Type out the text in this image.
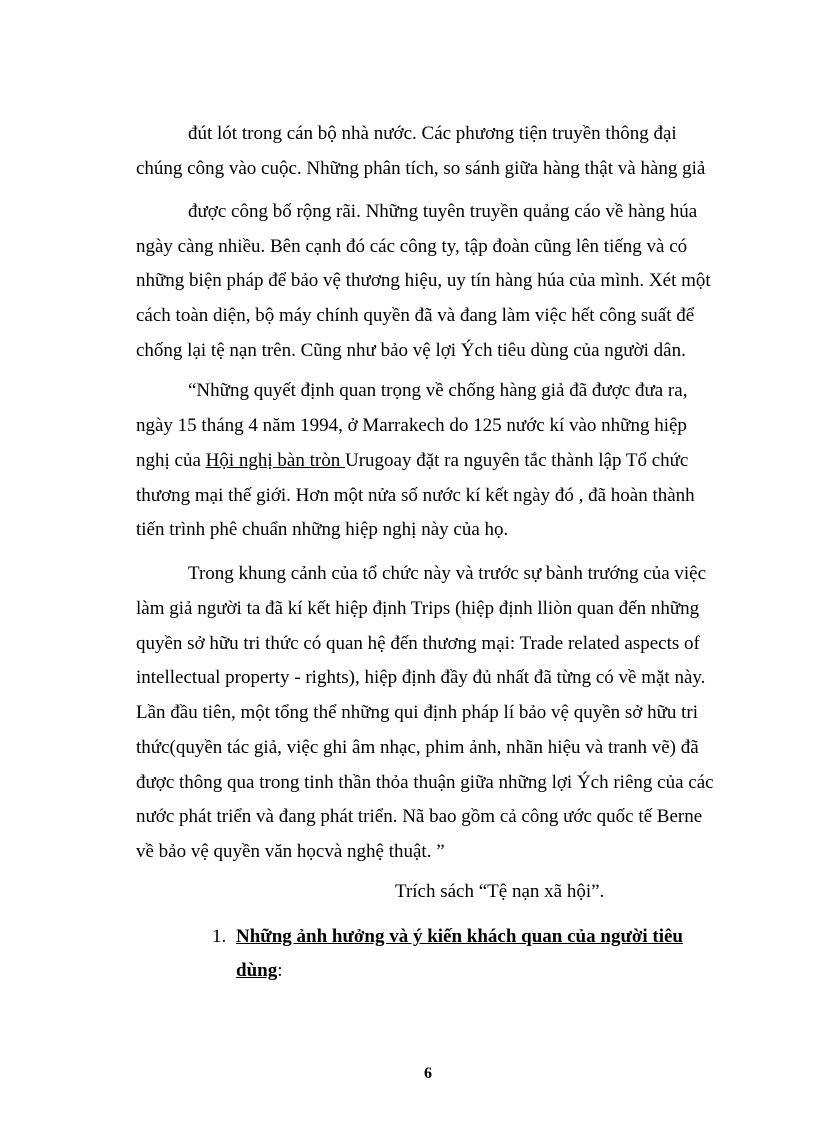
đút lót trong cán bộ nhà nước. Các phương tiện truyền thông đại
chúng công vào cuộc. Những phân tích, so sánh giữa hàng thật và hàng giả
được công bố rộng rãi. Những tuyên truyền quảng cáo về hàng húa
ngày càng nhiều. Bên cạnh đó các công ty, tập đoàn cũng lên tiếng và có
những biện pháp để bảo vệ thương hiệu, uy tín hàng húa của mình. Xét một
cách toàn diện, bộ máy chính quyền đã và đang làm việc hết công suất để
chống lại tệ nạn trên. Cũng như bảo vệ lợi Ých tiêu dùng của người dân.
“Những quyết định quan trọng về chống hàng giả đã được đưa ra,
ngày 15 tháng 4 năm 1994, ở Marrakech do 125 nước kí vào những hiệp
nghị của Hội nghị bàn tròn Urugoay đặt ra nguyên tắc thành lập Tổ chức
thương mại thế giới. Hơn một nửa số nước kí kết ngày đó , đã hoàn thành
tiến trình phê chuẩn những hiệp nghị này của họ.
Trong khung cảnh của tổ chức này và trước sự bành trướng của việc
làm giả người ta đã kí kết hiệp định Trips (hiệp định lliòn quan đến những
quyền sở hữu tri thức có quan hệ đến thương mại: Trade related aspects of
intellectual property - rights), hiệp định đầy đủ nhất đã từng có về mặt này.
Lần đầu tiên, một tổng thể những qui định pháp lí bảo vệ quyền sở hữu tri
thức(quyền tác giả, việc ghi âm nhạc, phim ảnh, nhãn hiệu và tranh vẽ) đã
được thông qua trong tinh thần thỏa thuận giữa những lợi Ých riêng của các
nước phát triển và đang phát triển. Nã bao gồm cả công ước quốc tế Berne
về bảo vệ quyền văn họcvà nghệ thuật. ”
Trích sách “Tệ nạn xã hội”.
1. Những ảnh hưởng và ý kiến khách quan của người tiêu
dùng:
6
